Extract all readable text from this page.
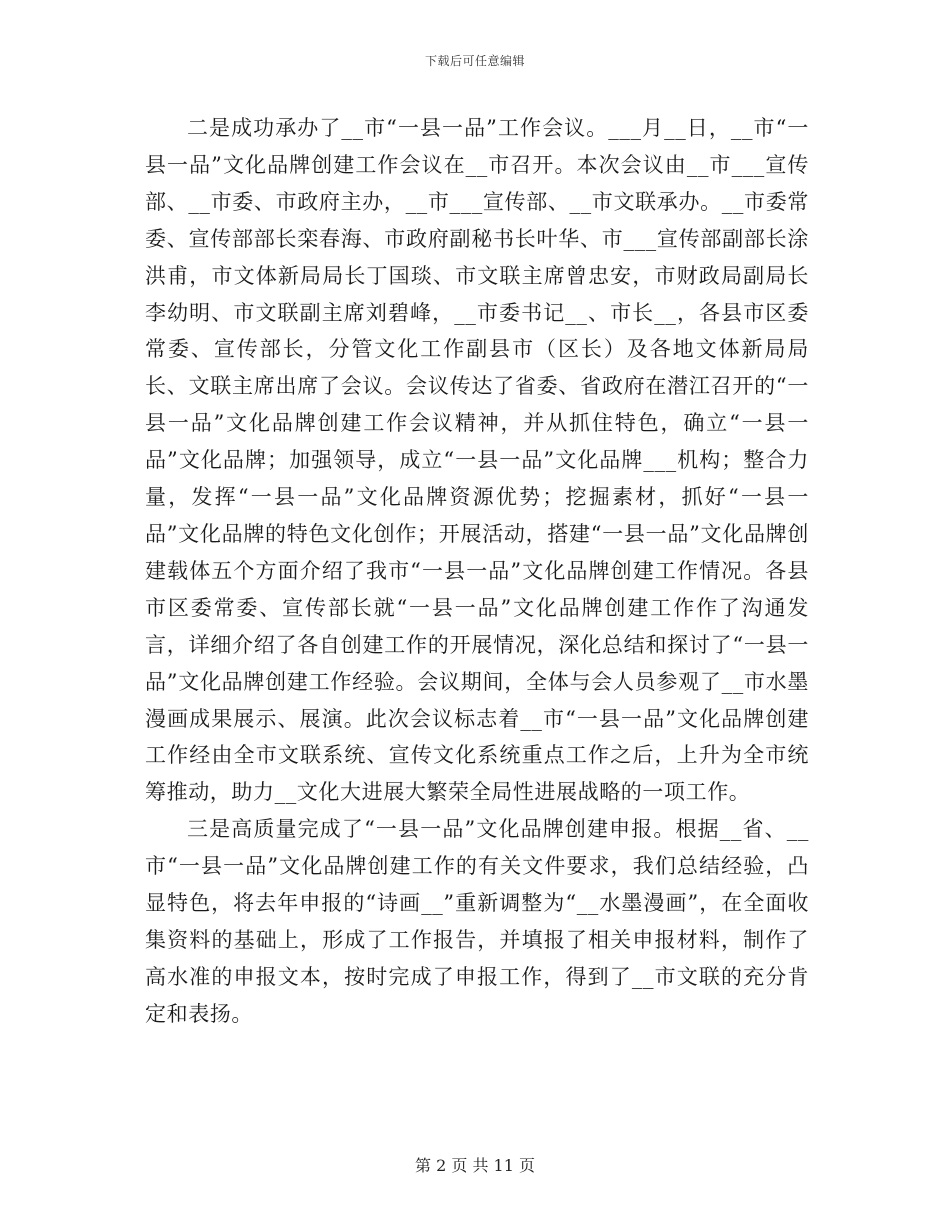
下载后可任意编辑

二是成功承办了__市“一县一品”工作会议。___月__日，__市“一县一品”文化品牌创建工作会议在__市召开。本次会议由__市___宣传部、__市委、市政府主办，__市___宣传部、__市文联承办。__市委常委、宣传部部长栾春海、市政府副秘书长叶华、市___宣传部副部长涂洪甫，市文体新局局长丁国琰、市文联主席曾忠安，市财政局副局长李幼明、市文联副主席刘碧峰，__市委书记__、市长__，各县市区委常委、宣传部长，分管文化工作副县市（区长）及各地文体新局局长、文联主席出席了会议。会议传达了省委、省政府在潜江召开的“一县一品”文化品牌创建工作会议精神，并从抓住特色，确立“一县一品”文化品牌；加强领导，成立“一县一品”文化品牌___机构；整合力量，发挥“一县一品”文化品牌资源优势；挖掘素材，抓好“一县一品”文化品牌的特色文化创作；开展活动，搭建“一县一品”文化品牌创建载体五个方面介绍了我市“一县一品”文化品牌创建工作情况。各县市区委常委、宣传部长就“一县一品”文化品牌创建工作作了沟通发言，详细介绍了各自创建工作的开展情况，深化总结和探讨了“一县一品”文化品牌创建工作经验。会议期间，全体与会人员参观了__市水墨漫画成果展示、展演。此次会议标志着__市“一县一品”文化品牌创建工作经由全市文联系统、宣传文化系统重点工作之后，上升为全市统筹推动，助力__文化大进展大繁荣全局性进展战略的一项工作。

三是高质量完成了“一县一品”文化品牌创建申报。根据__省、__市“一县一品”文化品牌创建工作的有关文件要求，我们总结经验，凸显特色，将去年申报的“诗画__”重新调整为“__水墨漫画”，在全面收集资料的基础上，形成了工作报告，并填报了相关申报材料，制作了高水准的申报文本，按时完成了申报工作，得到了__市文联的充分肯定和表扬。

第 2 页 共 11 页
